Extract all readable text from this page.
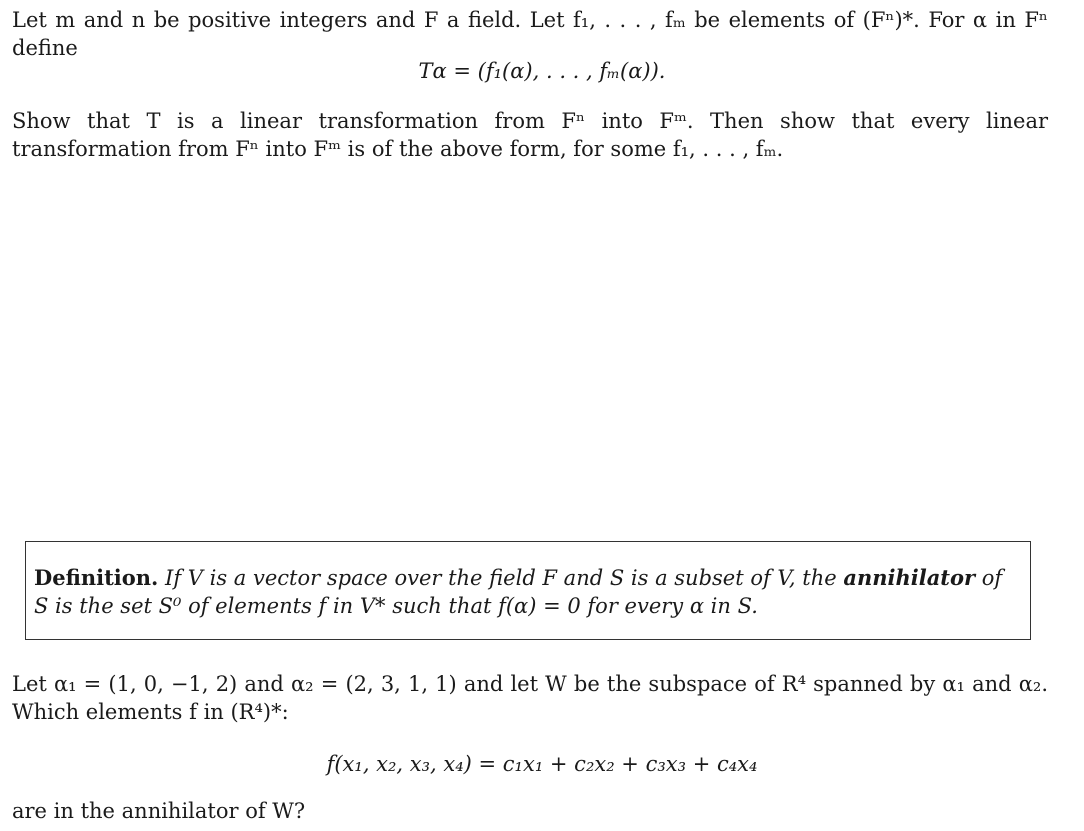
Let m and n be positive integers and F a field. Let f₁, . . . , fₘ be elements of (Fⁿ)*. For α in Fⁿ define
Tα = (f₁(α), . . . , fₘ(α)).
Show that T is a linear transformation from Fⁿ into Fᵐ. Then show that every linear transformation from Fⁿ into Fᵐ is of the above form, for some f₁, . . . , fₘ.
Definition. If V is a vector space over the field F and S is a subset of V, the annihilator of S is the set S⁰ of elements f in V* such that f(α) = 0 for every α in S.
Let α₁ = (1, 0, −1, 2) and α₂ = (2, 3, 1, 1) and let W be the subspace of R⁴ spanned by α₁ and α₂. Which elements f in (R⁴)*:
f(x₁, x₂, x₃, x₄) = c₁x₁ + c₂x₂ + c₃x₃ + c₄x₄
are in the annihilator of W?
